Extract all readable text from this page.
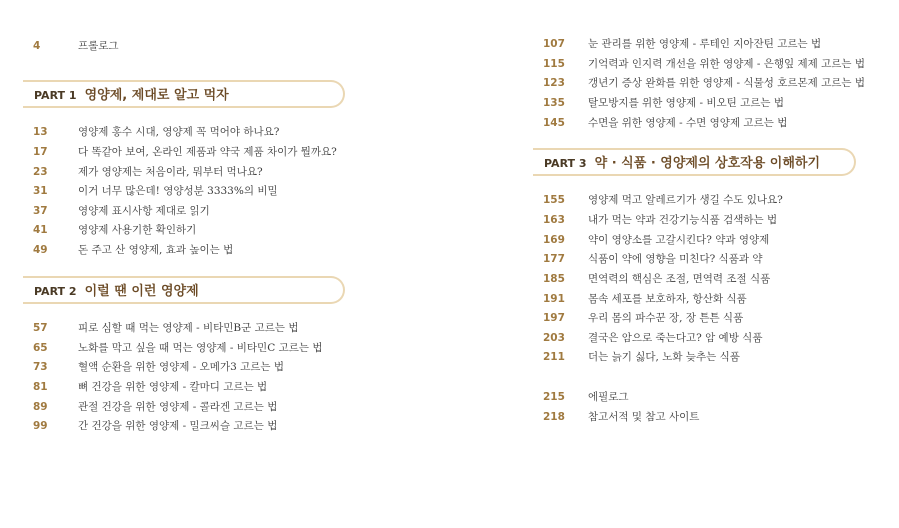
4	프롤로그
PART 1 영양제, 제대로 알고 먹자
13	영양제 홍수 시대, 영양제 꼭 먹어야 하나요?
17	다 똑같아 보여, 온라인 제품과 약국 제품 차이가 뭘까요?
23	제가 영양제는 처음이라, 뭐부터 먹나요?
31	이거 너무 많은데! 영양성분 3333%의 비밀
37	영양제 표시사항 제대로 읽기
41	영양제 사용기한 확인하기
49	돈 주고 산 영양제, 효과 높이는 법
PART 2 이럴 땐 이런 영양제
57	피로 심할 때 먹는 영양제 - 비타민B군 고르는 법
65	노화를 막고 싶을 때 먹는 영양제 - 비타민C 고르는 법
73	혈액 순환을 위한 영양제 - 오메가3 고르는 법
81	뼈 건강을 위한 영양제 - 칼마디 고르는 법
89	관절 건강을 위한 영양제 - 콜라겐 고르는 법
99	간 건강을 위한 영양제 - 밀크씨슬 고르는 법
107	눈 관리를 위한 영양제 - 루테인 지아잔틴 고르는 법
115	기억력과 인지력 개선을 위한 영양제 - 은행잎 제제 고르는 법
123	갱년기 증상 완화를 위한 영양제 - 식물성 호르몬제 고르는 법
135	탈모방지를 위한 영양제 - 비오틴 고르는 법
145	수면을 위한 영양제 - 수면 영양제 고르는 법
PART 3 약 · 식품 · 영양제의 상호작용 이해하기
155	영양제 먹고 알레르기가 생길 수도 있나요?
163	내가 먹는 약과 건강기능식품 검색하는 법
169	약이 영양소를 고갈시킨다? 약과 영양제
177	식품이 약에 영향을 미친다? 식품과 약
185	면역력의 핵심은 조절, 면역력 조절 식품
191	몸속 세포를 보호하자, 항산화 식품
197	우리 몸의 파수꾼 장, 장 튼튼 식품
203	결국은 암으로 죽는다고? 암 예방 식품
211	더는 늙기 싫다, 노화 늦추는 식품
215	에필로그
218	참고서적 및 참고 사이트
